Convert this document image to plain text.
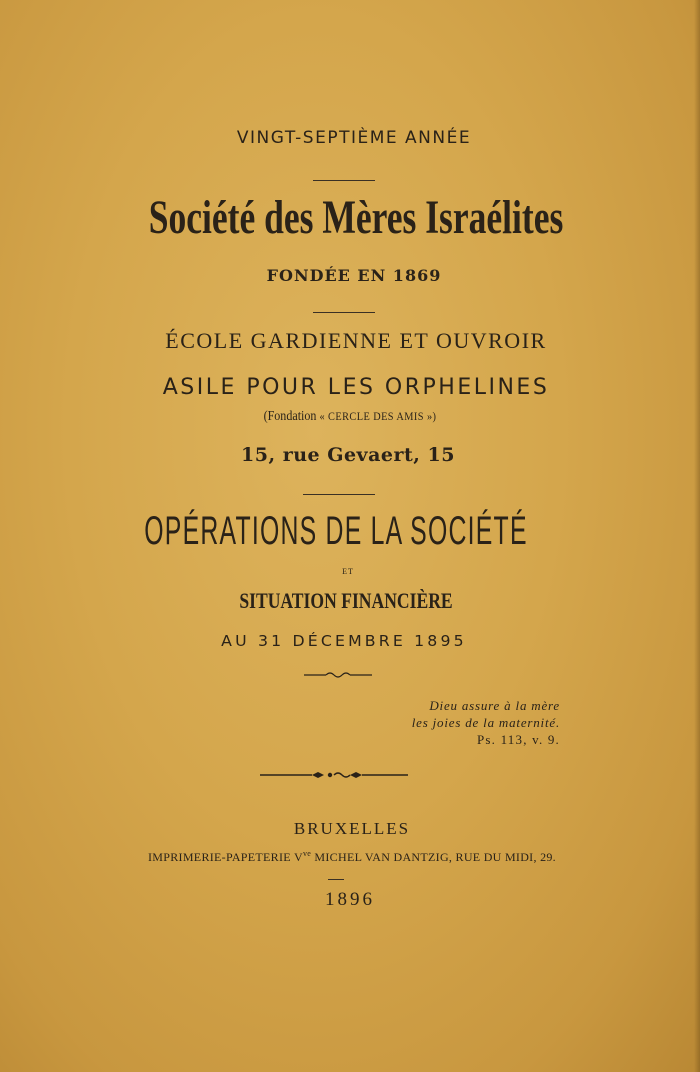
VINGT-SEPTIÈME ANNÉE
Société des Mères Israélites
FONDÉE EN 1869
ÉCOLE GARDIENNE ET OUVROIR
ASILE POUR LES ORPHELINES
(Fondation « CERCLE DES AMIS »)
15, rue Gevaert, 15
OPÉRATIONS DE LA SOCIÉTÉ
ET
SITUATION FINANCIÈRE
AU 31 DÉCEMBRE 1895
Dieu assure à la mère
les joies de la maternité.
Ps. 113, v. 9.
BRUXELLES
IMPRIMERIE-PAPETERIE $V^{ve}$ MICHEL VAN DANTZIG, RUE DU MIDI, 29.
1896
